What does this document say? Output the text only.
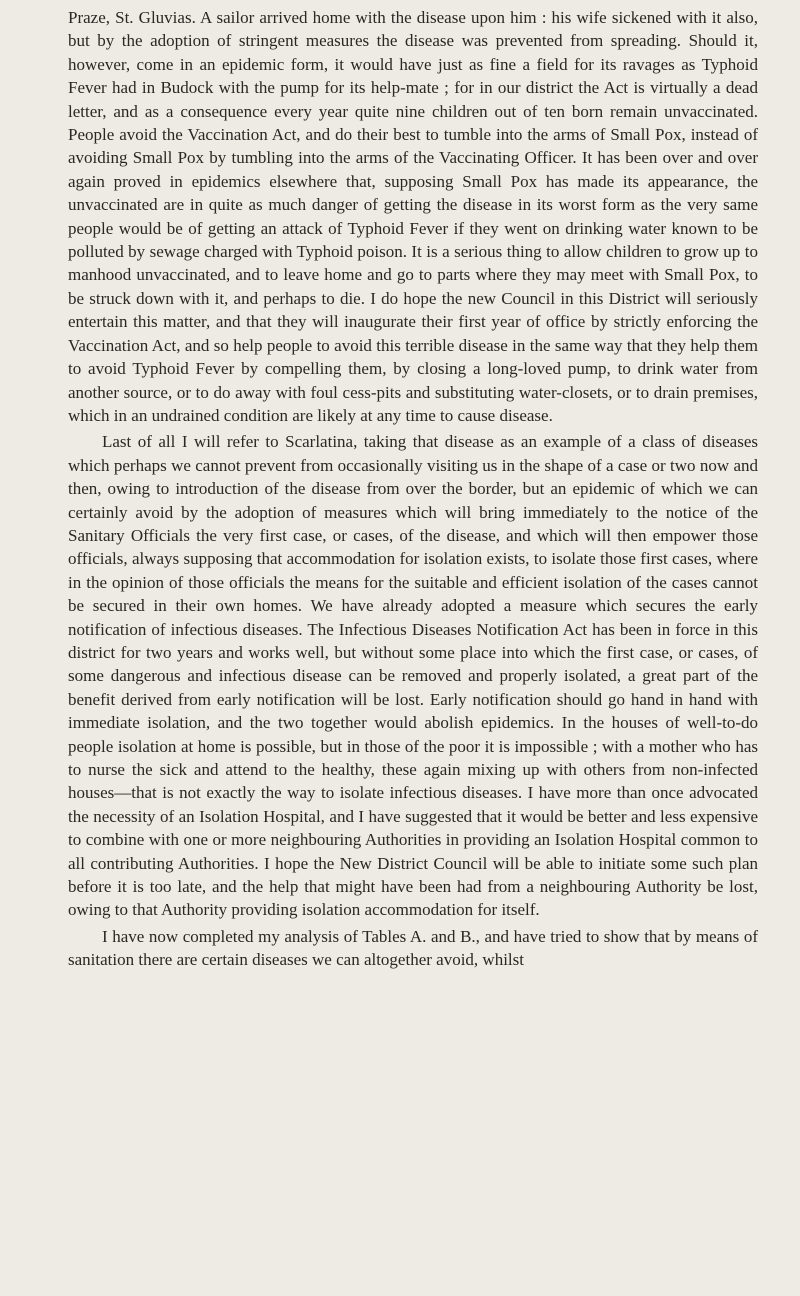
Praze, St. Gluvias. A sailor arrived home with the disease upon him : his wife sickened with it also, but by the adoption of stringent measures the disease was prevented from spreading. Should it, however, come in an epidemic form, it would have just as fine a field for its ravages as Typhoid Fever had in Budock with the pump for its help-mate ; for in our district the Act is virtually a dead letter, and as a consequence every year quite nine children out of ten born remain unvaccinated. People avoid the Vaccination Act, and do their best to tumble into the arms of Small Pox, instead of avoiding Small Pox by tumbling into the arms of the Vaccinating Officer. It has been over and over again proved in epidemics elsewhere that, supposing Small Pox has made its appearance, the unvaccinated are in quite as much danger of getting the disease in its worst form as the very same people would be of getting an attack of Typhoid Fever if they went on drinking water known to be polluted by sewage charged with Typhoid poison. It is a serious thing to allow children to grow up to manhood unvaccinated, and to leave home and go to parts where they may meet with Small Pox, to be struck down with it, and perhaps to die. I do hope the new Council in this District will seriously entertain this matter, and that they will inaugurate their first year of office by strictly enforcing the Vaccination Act, and so help people to avoid this terrible disease in the same way that they help them to avoid Typhoid Fever by compelling them, by closing a long-loved pump, to drink water from another source, or to do away with foul cess-pits and substituting water-closets, or to drain premises, which in an undrained condition are likely at any time to cause disease.

Last of all I will refer to Scarlatina, taking that disease as an example of a class of diseases which perhaps we cannot prevent from occasionally visiting us in the shape of a case or two now and then, owing to introduction of the disease from over the border, but an epidemic of which we can certainly avoid by the adoption of measures which will bring immediately to the notice of the Sanitary Officials the very first case, or cases, of the disease, and which will then empower those officials, always supposing that accommodation for isolation exists, to isolate those first cases, where in the opinion of those officials the means for the suitable and efficient isolation of the cases cannot be secured in their own homes. We have already adopted a measure which secures the early notification of infectious diseases. The Infectious Diseases Notification Act has been in force in this district for two years and works well, but without some place into which the first case, or cases, of some dangerous and infectious disease can be removed and properly isolated, a great part of the benefit derived from early notification will be lost. Early notification should go hand in hand with immediate isolation, and the two together would abolish epidemics. In the houses of well-to-do people isolation at home is possible, but in those of the poor it is impossible ; with a mother who has to nurse the sick and attend to the healthy, these again mixing up with others from non-infected houses—that is not exactly the way to isolate infectious diseases. I have more than once advocated the necessity of an Isolation Hospital, and I have suggested that it would be better and less expensive to combine with one or more neighbouring Authorities in providing an Isolation Hospital common to all contributing Authorities. I hope the New District Council will be able to initiate some such plan before it is too late, and the help that might have been had from a neighbouring Authority be lost, owing to that Authority providing isolation accommodation for itself.

I have now completed my analysis of Tables A. and B., and have tried to show that by means of sanitation there are certain diseases we can altogether avoid, whilst
